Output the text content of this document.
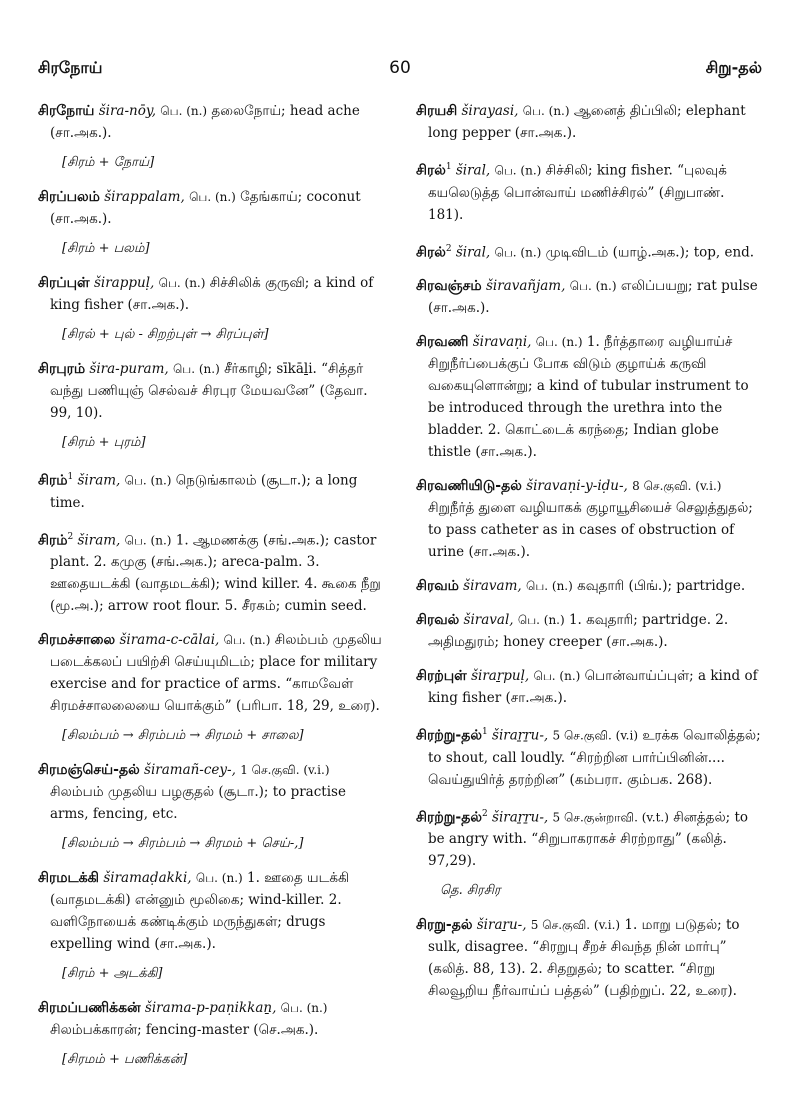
சிரநோய்	60	சிறு-தல்

சிரநோய் šira-nōy, பெ. (n.) தலைநோய்; head ache (சா.அக.).

[சிரம் + நோய்]

சிரப்பலம் širappalam, பெ. (n.) தேங்காய்; coconut (சா.அக.).

[சிரம் + பலம்]

சிரப்புள் širappuḷ, பெ. (n.) சிச்சிலிக் குருவி; a kind of king fisher (சா.அக.).

[சிரல் + புல் - சிறற்புள் → சிரப்புள்]

சிரபுரம் šira-puram, பெ. (n.) சீர்காழி; sīkāḻi. “சித்தர் வந்து பணியுஞ் செல்வச் சிரபுர மேயவனே” (தேவா. 99, 10).

[சிரம் + புரம்]

சிரம்$^1$ širam, பெ. (n.) நெடுங்காலம் (சூடா.); a long time.

சிரம்$^2$ širam, பெ. (n.) 1. ஆமணக்கு (சங்.அக.); castor plant. 2. கமுகு (சங்.அக.); areca-palm. 3. ஊதையடக்கி (வாதமடக்கி); wind killer. 4. கூகை நீறு (மூ.அ.); arrow root flour. 5. சீரகம்; cumin seed.

சிரமச்சாலை širama-c-cālai, பெ. (n.) சிலம்பம் முதலிய படைக்கலப் பயிற்சி செய்யுமிடம்; place for military exercise and for practice of arms. “காமவேள் சிரமச்சாலலையை யொக்கும்” (பரிபா. 18, 29, உரை).

[சிலம்பம் → சிரம்பம் → சிரமம் + சாலை]

சிரமஞ்செய்-தல் širamañ-cey-, 1 செ.குவி. (v.i.) சிலம்பம் முதலிய பழகுதல் (சூடா.); to practise arms, fencing, etc.

[சிலம்பம் → சிரம்பம் → சிரமம் + செய்-,]

சிரமடக்கி širamaḍakki, பெ. (n.) 1. ஊதை யடக்கி (வாதமடக்கி) என்னும் மூலிகை; wind-killer. 2. வளிநோயைக் கண்டிக்கும் மருந்துகள்; drugs expelling wind (சா.அக.).

[சிரம் + அடக்கி]

சிரமப்பணிக்கன் širama-p-paṇikkaṉ, பெ. (n.) சிலம்பக்காரன்; fencing-master (செ.அக.).

[சிரமம் + பணிக்கன்]

சிரயசி širayasi, பெ. (n.) ஆனைத் திப்பிலி; elephant long pepper (சா.அக.).

சிரல்$^1$ širal, பெ. (n.) சிச்சிலி; king fisher. “புலவுக் கயலெடுத்த பொன்வாய் மணிச்சிரல்” (சிறுபாண். 181).

சிரல்$^2$ širal, பெ. (n.) முடிவிடம் (யாழ்.அக.); top, end.

சிரவஞ்சம் širavañjam, பெ. (n.) எலிப்பயறு; rat pulse (சா.அக.).

சிரவணி širavaṇi, பெ. (n.) 1. நீர்த்தாரை வழியாய்ச் சிறுநீர்ப்பைக்குப் போக விடும் குழாய்க் கருவி வகையுளொன்று; a kind of tubular instrument to be introduced through the urethra into the bladder. 2. கொட்டைக் கரந்தை; Indian globe thistle (சா.அக.).

சிரவணியிடு-தல் širavaṇi-y-iḍu-, 8 செ.குவி. (v.i.) சிறுநீர்த் துளை வழியாகக் குழாயூசியைச் செலுத்துதல்; to pass catheter as in cases of obstruction of urine (சா.அக.).

சிரவம் širavam, பெ. (n.) கவுதாரி (பிங்.); partridge.

சிரவல் širaval, பெ. (n.) 1. கவுதாரி; partridge. 2. அதிமதுரம்; honey creeper (சா.அக.).

சிரற்புள் širaṟpuḷ, பெ. (n.) பொன்வாய்ப்புள்; a kind of king fisher (சா.அக.).

சிரற்று-தல்$^1$ širaṟṟu-, 5 செ.குவி. (v.i) உரக்க வொலித்தல்; to shout, call loudly. “சிரற்றின பார்ப்பினின்.... வெய்துயிர்த் தரற்றின” (கம்பரா. கும்பக. 268).

சிரற்று-தல்$^2$ širaṟṟu-, 5 செ.குன்றாவி. (v.t.) சினத்தல்; to be angry with. “சிறுபாகராகச் சிரற்றாது” (கலித். 97,29).

தெ. சிரசிர

சிரறு-தல் širaṟu-, 5 செ.குவி. (v.i.) 1. மாறு படுதல்; to sulk, disagree. “சிரறுபு சீறச் சிவந்த நின் மார்பு” (கலித். 88, 13). 2. சிதறுதல்; to scatter. “சிரறு சிலவூறிய நீர்வாய்ப் பத்தல்” (பதிற்றுப். 22, உரை).
